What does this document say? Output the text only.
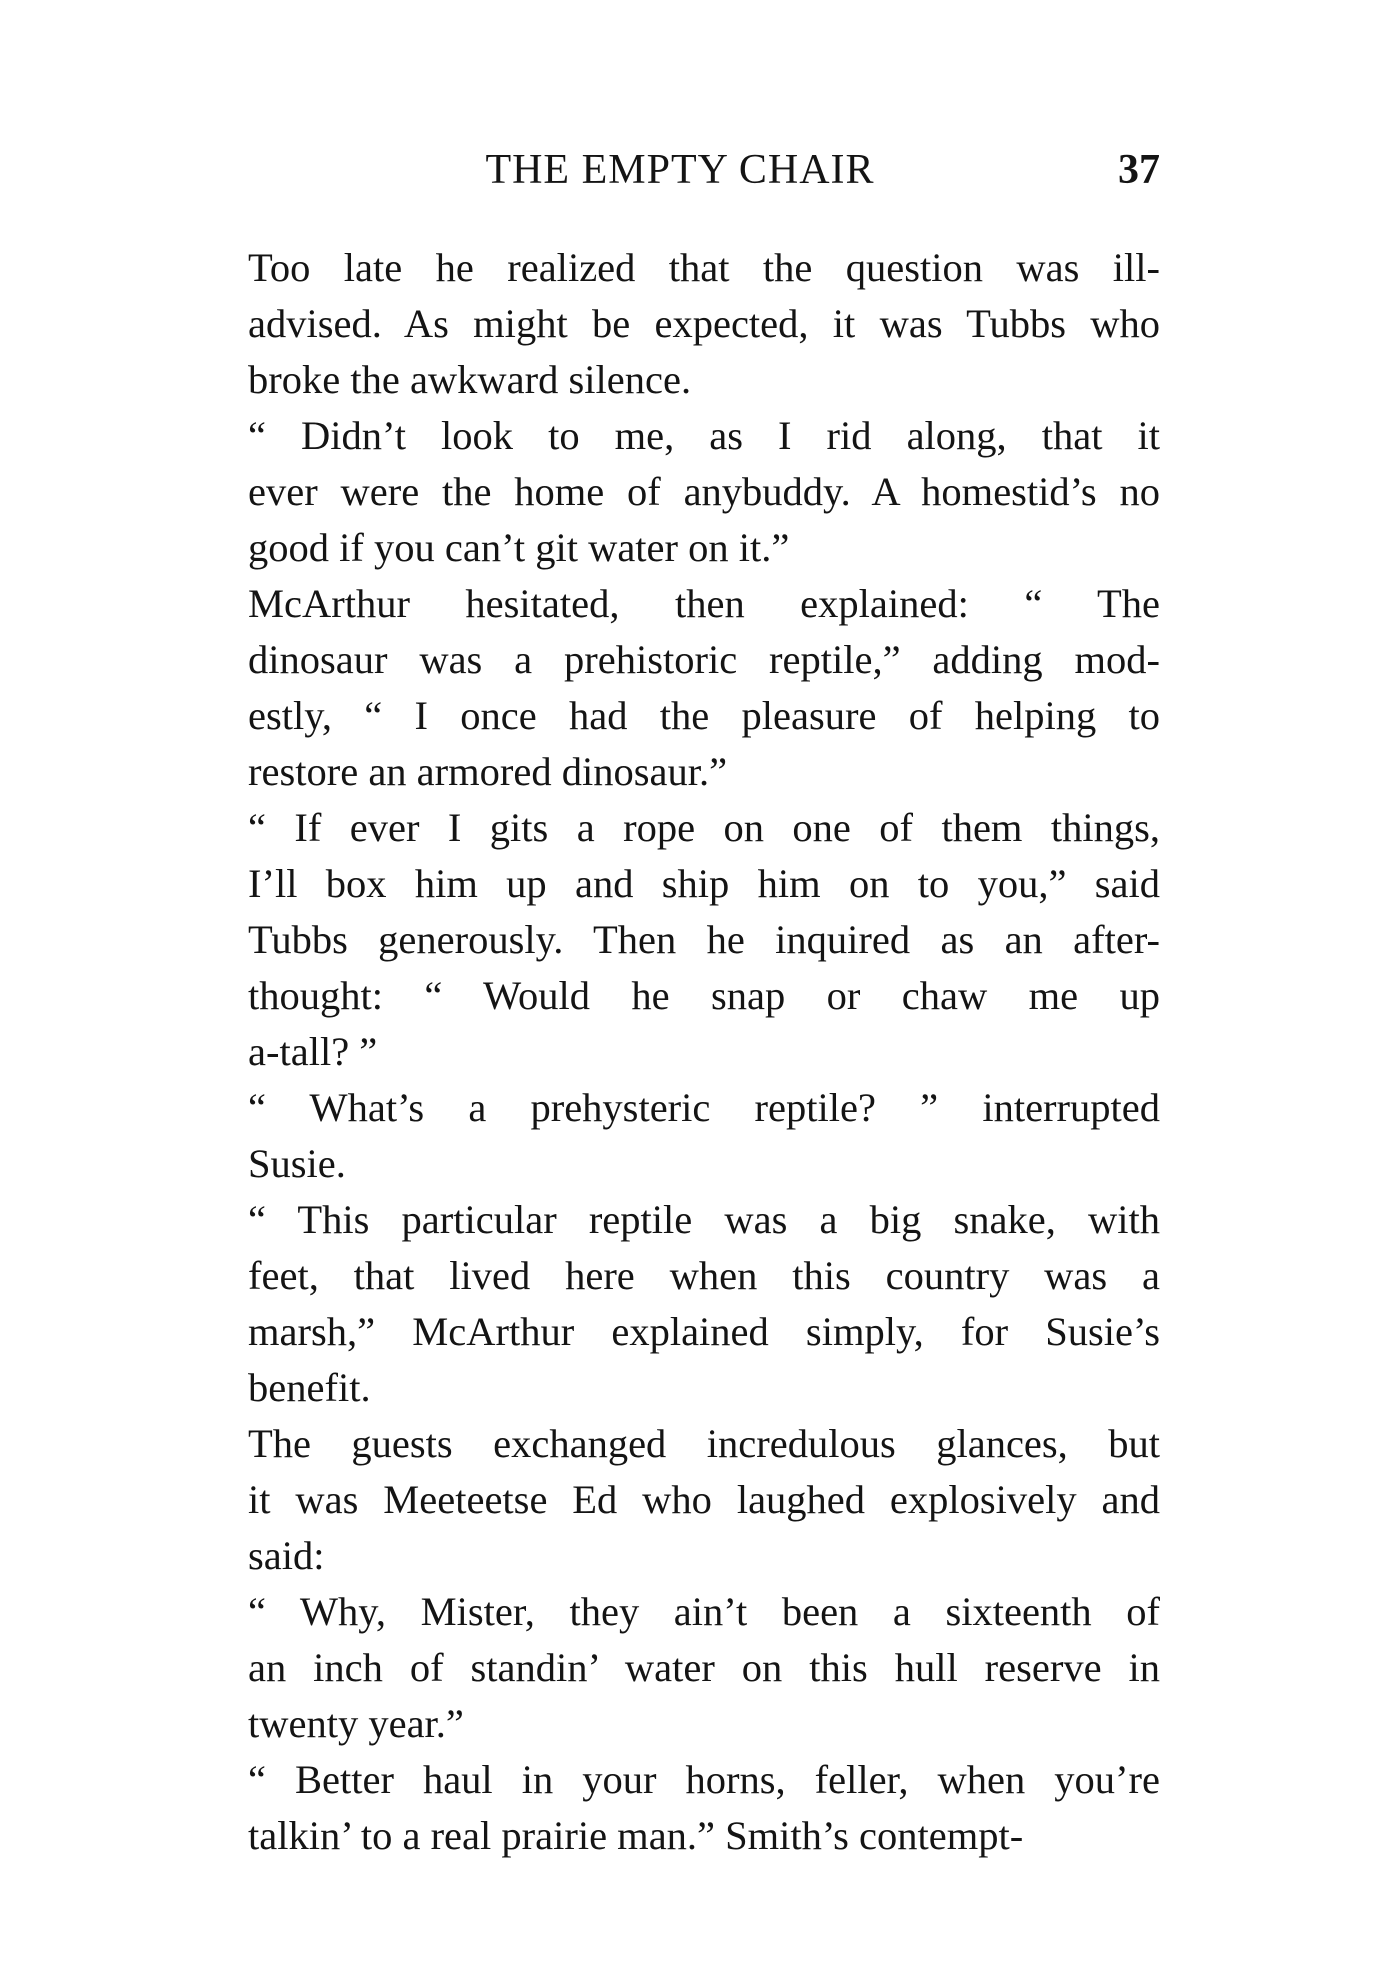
THE EMPTY CHAIR	37
Too late he realized that the question was ill-
advised. As might be expected, it was Tubbs who
broke the awkward silence.
“ Didn’t look to me, as I rid along, that it
ever were the home of anybuddy. A homestid’s no
good if you can’t git water on it.”
McArthur hesitated, then explained: “ The
dinosaur was a prehistoric reptile,” adding mod-
estly, “ I once had the pleasure of helping to
restore an armored dinosaur.”
“ If ever I gits a rope on one of them things,
I’ll box him up and ship him on to you,” said
Tubbs generously. Then he inquired as an after-
thought: “ Would he snap or chaw me up
a-tall? ”
“ What’s a prehysteric reptile? ” interrupted
Susie.
“ This particular reptile was a big snake, with
feet, that lived here when this country was a
marsh,” McArthur explained simply, for Susie’s
benefit.
The guests exchanged incredulous glances, but
it was Meeteetse Ed who laughed explosively and
said:
“ Why, Mister, they ain’t been a sixteenth of
an inch of standin’ water on this hull reserve in
twenty year.”
“ Better haul in your horns, feller, when you’re
talkin’ to a real prairie man.” Smith’s contempt-
